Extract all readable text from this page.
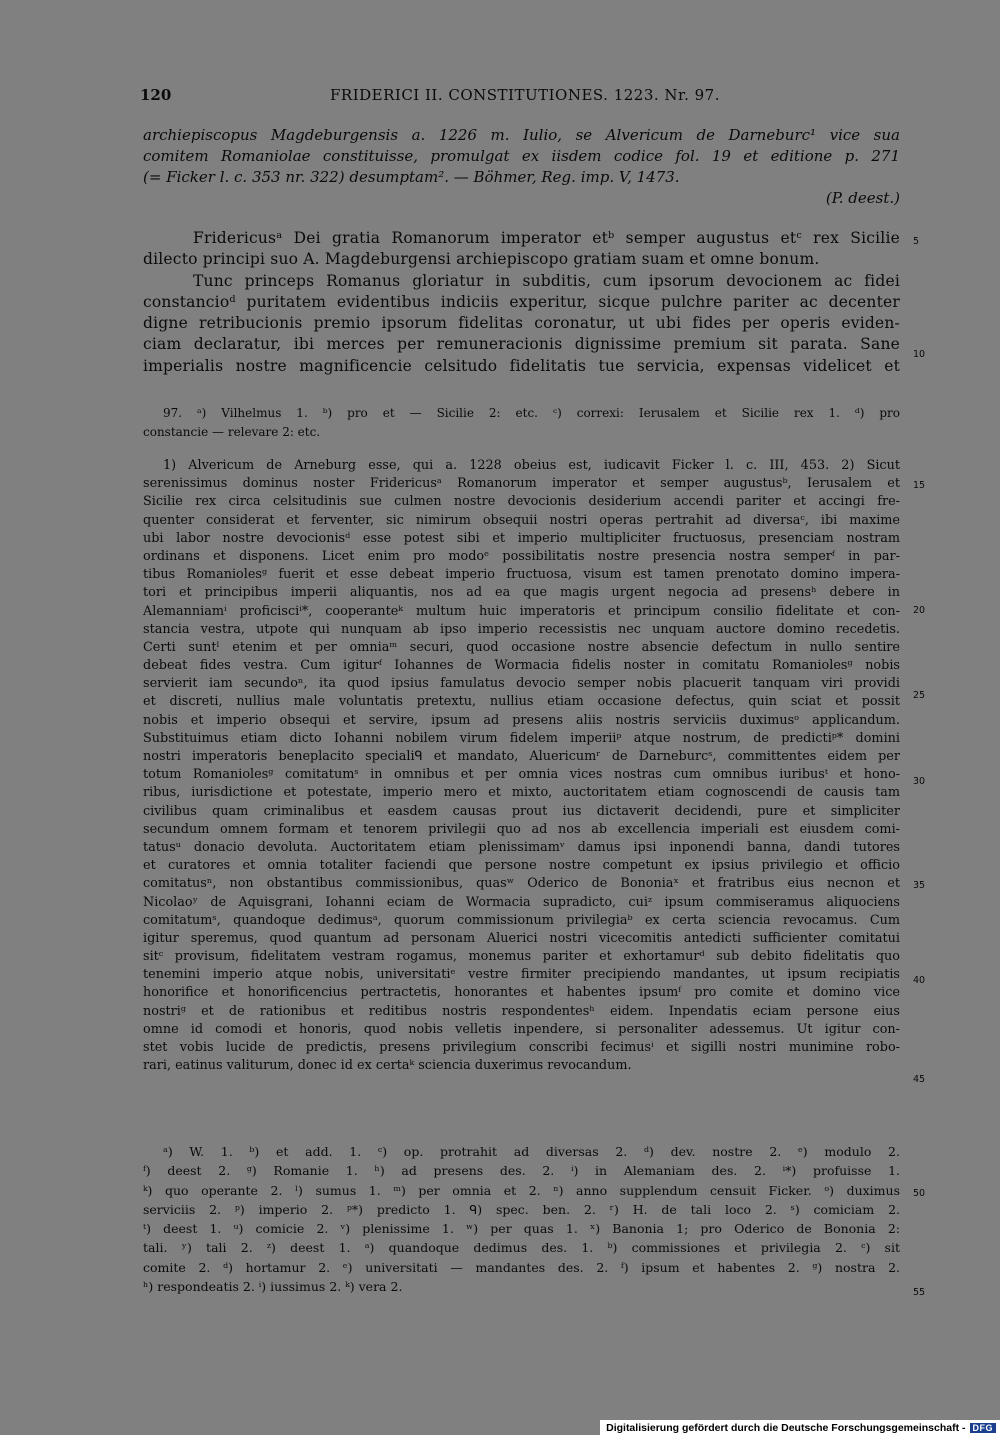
120	FRIDERICI II. CONSTITUTIONES. 1223. Nr. 97.
archiepiscopus Magdeburgensis a. 1226 m. Iulio, se Alvericum de Darneburc¹ vice sua
comitem Romaniolae constituisse, promulgat ex iisdem codice fol. 19 et editione p. 271
(= Ficker l. c. 353 nr. 322) desumptam². — Böhmer, Reg. imp. V, 1473.
(P. deest.)
Fridericusᵃ Dei gratia Romanorum imperator etᵇ semper augustus etᶜ rex Sicilie
dilecto principi suo A. Magdeburgensi archiepiscopo gratiam suam et omne bonum.
Tunc princeps Romanus gloriatur in subditis, cum ipsorum devocionem ac fidei
constancioᵈ puritatem evidentibus indiciis experitur, sicque pulchre pariter ac decenter
digne retribucionis premio ipsorum fidelitas coronatur, ut ubi fides per operis eviden-
ciam declaratur, ibi merces per remuneracionis dignissime premium sit parata. Sane
imperialis nostre magnificencie celsitudo fidelitatis tue servicia, expensas videlicet et
97. ᵃ) Vilhelmus 1. ᵇ) pro et — Sicilie 2: etc. ᶜ) correxi: Ierusalem et Sicilie rex 1. ᵈ) pro
constancie — relevare 2: etc.
1) Alvericum de Arneburg esse, qui a. 1228 obeius est, iudicavit Ficker l. c. III, 453. 2) Sicut
serenissimus dominus noster Fridericusᵃ Romanorum imperator et semper augustusᵇ, Ierusalem et
Sicilie rex circa celsitudinis sue culmen nostre devocionis desiderium accendi pariter et accingi fre-
quenter considerat et ferventer, sic nimirum obsequii nostri operas pertrahit ad diversaᶜ, ibi maxime
ubi labor nostre devocionisᵈ esse potest sibi et imperio multipliciter fructuosus, presenciam nostram
ordinans et disponens. Licet enim pro modoᵉ possibilitatis nostre presencia nostra semperᶠ in par-
tibus Romaniolesᵍ fuerit et esse debeat imperio fructuosa, visum est tamen prenotato domino impera-
tori et principibus imperii aliquantis, nos ad ea que magis urgent negocia ad presensʰ debere in
Alemanniamⁱ proficisciⁱ*, cooperanteᵏ multum huic imperatoris et principum consilio fidelitate et con-
stancia vestra, utpote qui nunquam ab ipso imperio recessistis nec unquam auctore domino recedetis.
Certi suntˡ etenim et per omniaᵐ securi, quod occasione nostre absencie defectum in nullo sentire
debeat fides vestra. Cum igiturᶠ Iohannes de Wormacia fidelis noster in comitatu Romaniolesᵍ nobis
servierit iam secundoⁿ, ita quod ipsius famulatus devocio semper nobis placuerit tanquam viri providi
et discreti, nullius male voluntatis pretextu, nullius etiam occasione defectus, quin sciat et possit
nobis et imperio obsequi et servire, ipsum ad presens aliis nostris serviciis duximusᵒ applicandum.
Substituimus etiam dicto Iohanni nobilem virum fidelem imperiiᵖ atque nostrum, de predictiᵖ* domini
nostri imperatoris beneplacito specialiᑫ et mandato, Aluericumʳ de Darneburcˢ, committentes eidem per
totum Romaniolesᵍ comitatumˢ in omnibus et per omnia vices nostras cum omnibus iuribusᵗ et hono-
ribus, iurisdictione et potestate, imperio mero et mixto, auctoritatem etiam cognoscendi de causis tam
civilibus quam criminalibus et easdem causas prout ius dictaverit decidendi, pure et simpliciter
secundum omnem formam et tenorem privilegii quo ad nos ab excellencia imperiali est eiusdem comi-
tatusᵘ donacio devoluta. Auctoritatem etiam plenissimamᵛ damus ipsi inponendi banna, dandi tutores
et curatores et omnia totaliter faciendi que persone nostre competunt ex ipsius privilegio et officio
comitatusⁿ, non obstantibus commissionibus, quasʷ Oderico de Bononiaˣ et fratribus eius necnon et
Nicolaoʸ de Aquisgrani, Iohanni eciam de Wormacia supradicto, cuiᶻ ipsum commiseramus aliquociens
comitatumˢ, quandoque dedimusᵃ, quorum commissionum privilegiaᵇ ex certa sciencia revocamus. Cum
igitur speremus, quod quantum ad personam Aluerici nostri vicecomitis antedicti sufficienter comitatui
sitᶜ provisum, fidelitatem vestram rogamus, monemus pariter et exhortamurᵈ sub debito fidelitatis quo
tenemini imperio atque nobis, universitatiᵉ vestre firmiter precipiendo mandantes, ut ipsum recipiatis
honorifice et honorificencius pertractetis, honorantes et habentes ipsumᶠ pro comite et domino vice
nostriᵍ et de rationibus et reditibus nostris respondentesʰ eidem. Inpendatis eciam persone eius
omne id comodi et honoris, quod nobis velletis inpendere, si personaliter adessemus. Ut igitur con-
stet vobis lucide de predictis, presens privilegium conscribi fecimusⁱ et sigilli nostri munimine robo-
rari, eatinus valiturum, donec id ex certaᵏ sciencia duxerimus revocandum.
ᵃ) W. 1. ᵇ) et add. 1. ᶜ) op. protrahit ad diversas 2. ᵈ) dev. nostre 2. ᵉ) modulo 2.
ᶠ) deest 2. ᵍ) Romanie 1. ʰ) ad presens des. 2. ⁱ) in Alemaniam des. 2. ⁱ*) profuisse 1.
ᵏ) quo operante 2. ˡ) sumus 1. ᵐ) per omnia et 2. ⁿ) anno supplendum censuit Ficker. ᵒ) duximus
serviciis 2. ᵖ) imperio 2. ᵖ*) predicto 1. ᑫ) spec. ben. 2. ʳ) H. de tali loco 2. ˢ) comiciam 2.
ᵗ) deest 1. ᵘ) comicie 2. ᵛ) plenissime 1. ʷ) per quas 1. ˣ) Banonia 1; pro Oderico de Bononia 2:
tali. ʸ) tali 2. ᶻ) deest 1. ᵃ) quandoque dedimus des. 1. ᵇ) commissiones et privilegia 2. ᶜ) sit
comite 2. ᵈ) hortamur 2. ᵉ) universitati — mandantes des. 2. ᶠ) ipsum et habentes 2. ᵍ) nostra 2.
ʰ) respondeatis 2. ⁱ) iussimus 2. ᵏ) vera 2.
5
10
15
20
25
30
35
40
45
50
55
Digitalisierung gefördert durch die Deutsche Forschungsgemeinschaft - DFG
